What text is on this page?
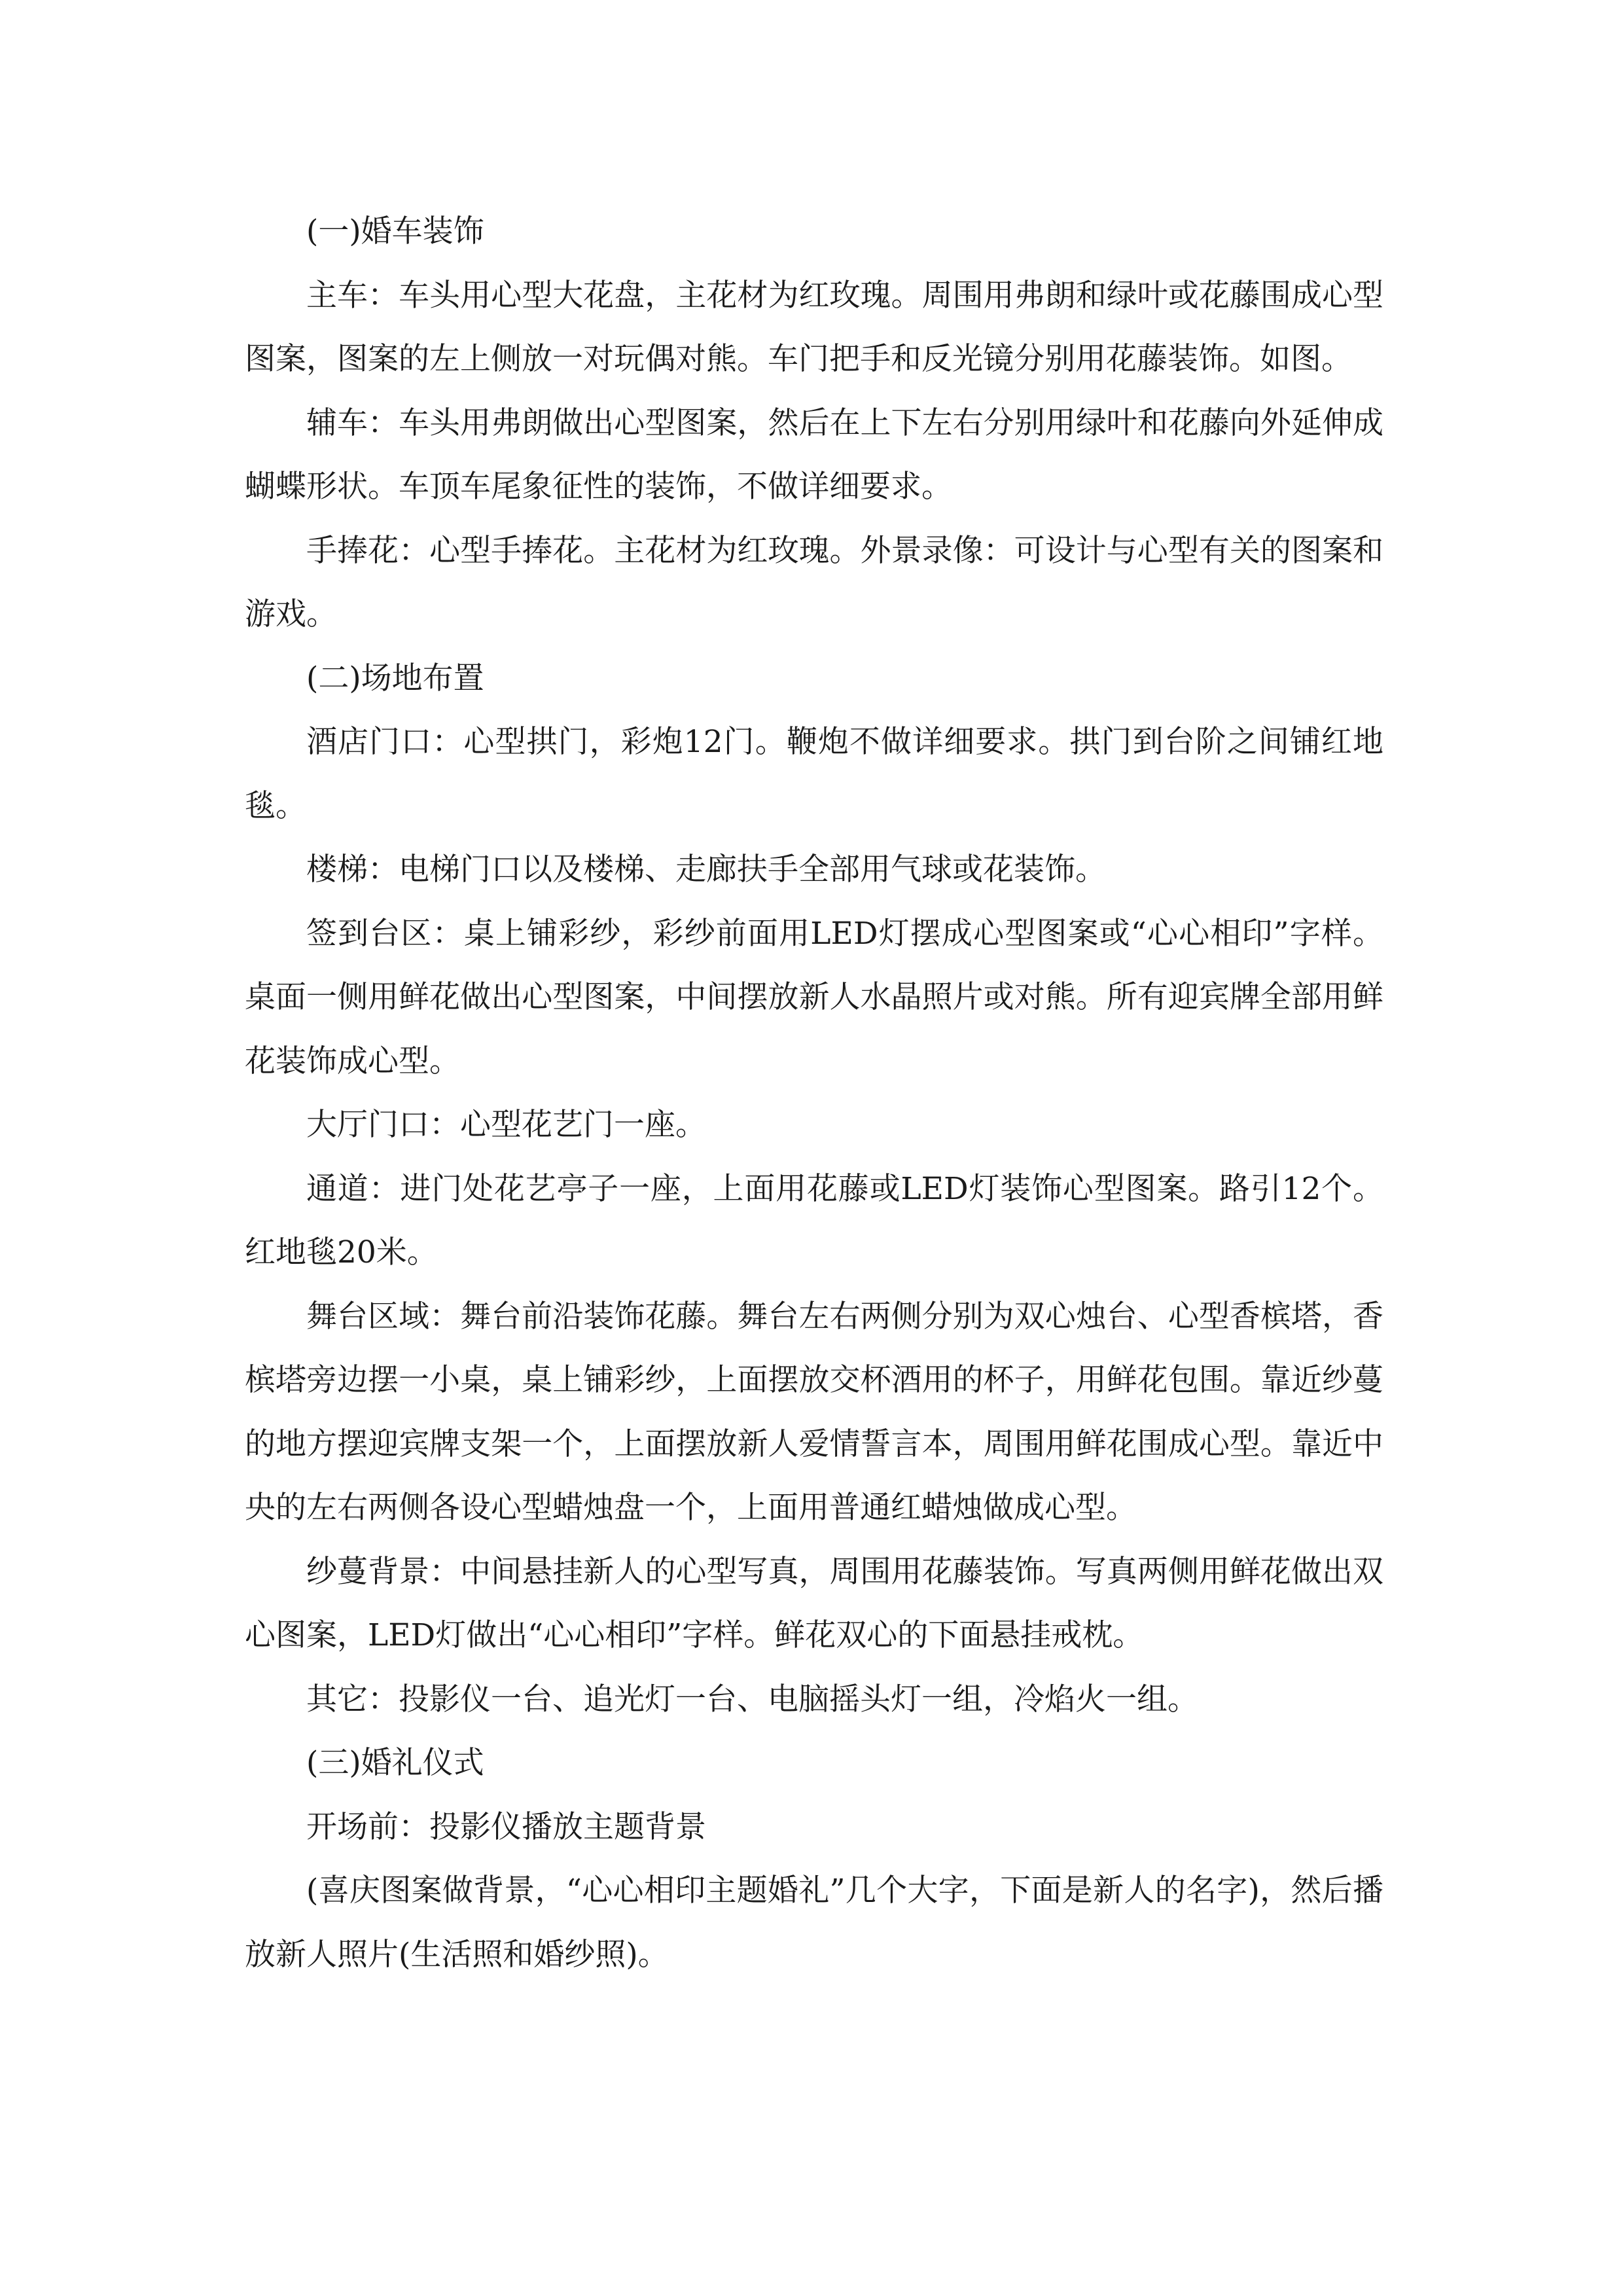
(一)婚车装饰

主车：车头用心型大花盘，主花材为红玫瑰。周围用弗朗和绿叶或花藤围成心型图案，图案的左上侧放一对玩偶对熊。车门把手和反光镜分别用花藤装饰。如图。

辅车：车头用弗朗做出心型图案，然后在上下左右分别用绿叶和花藤向外延伸成蝴蝶形状。车顶车尾象征性的装饰，不做详细要求。

手捧花：心型手捧花。主花材为红玫瑰。外景录像：可设计与心型有关的图案和游戏。

(二)场地布置

酒店门口：心型拱门，彩炮12门。鞭炮不做详细要求。拱门到台阶之间铺红地毯。

楼梯：电梯门口以及楼梯、走廊扶手全部用气球或花装饰。

签到台区：桌上铺彩纱，彩纱前面用LED灯摆成心型图案或“心心相印”字样。桌面一侧用鲜花做出心型图案，中间摆放新人水晶照片或对熊。所有迎宾牌全部用鲜花装饰成心型。

大厅门口：心型花艺门一座。

通道：进门处花艺亭子一座，上面用花藤或LED灯装饰心型图案。路引12个。红地毯20米。

舞台区域：舞台前沿装饰花藤。舞台左右两侧分别为双心烛台、心型香槟塔，香槟塔旁边摆一小桌，桌上铺彩纱，上面摆放交杯酒用的杯子，用鲜花包围。靠近纱蔓的地方摆迎宾牌支架一个，上面摆放新人爱情誓言本，周围用鲜花围成心型。靠近中央的左右两侧各设心型蜡烛盘一个，上面用普通红蜡烛做成心型。

纱蔓背景：中间悬挂新人的心型写真，周围用花藤装饰。写真两侧用鲜花做出双心图案，LED灯做出“心心相印”字样。鲜花双心的下面悬挂戒枕。

其它：投影仪一台、追光灯一台、电脑摇头灯一组，冷焰火一组。

(三)婚礼仪式

开场前：投影仪播放主题背景

(喜庆图案做背景，“心心相印主题婚礼”几个大字，下面是新人的名字)，然后播放新人照片(生活照和婚纱照)。
